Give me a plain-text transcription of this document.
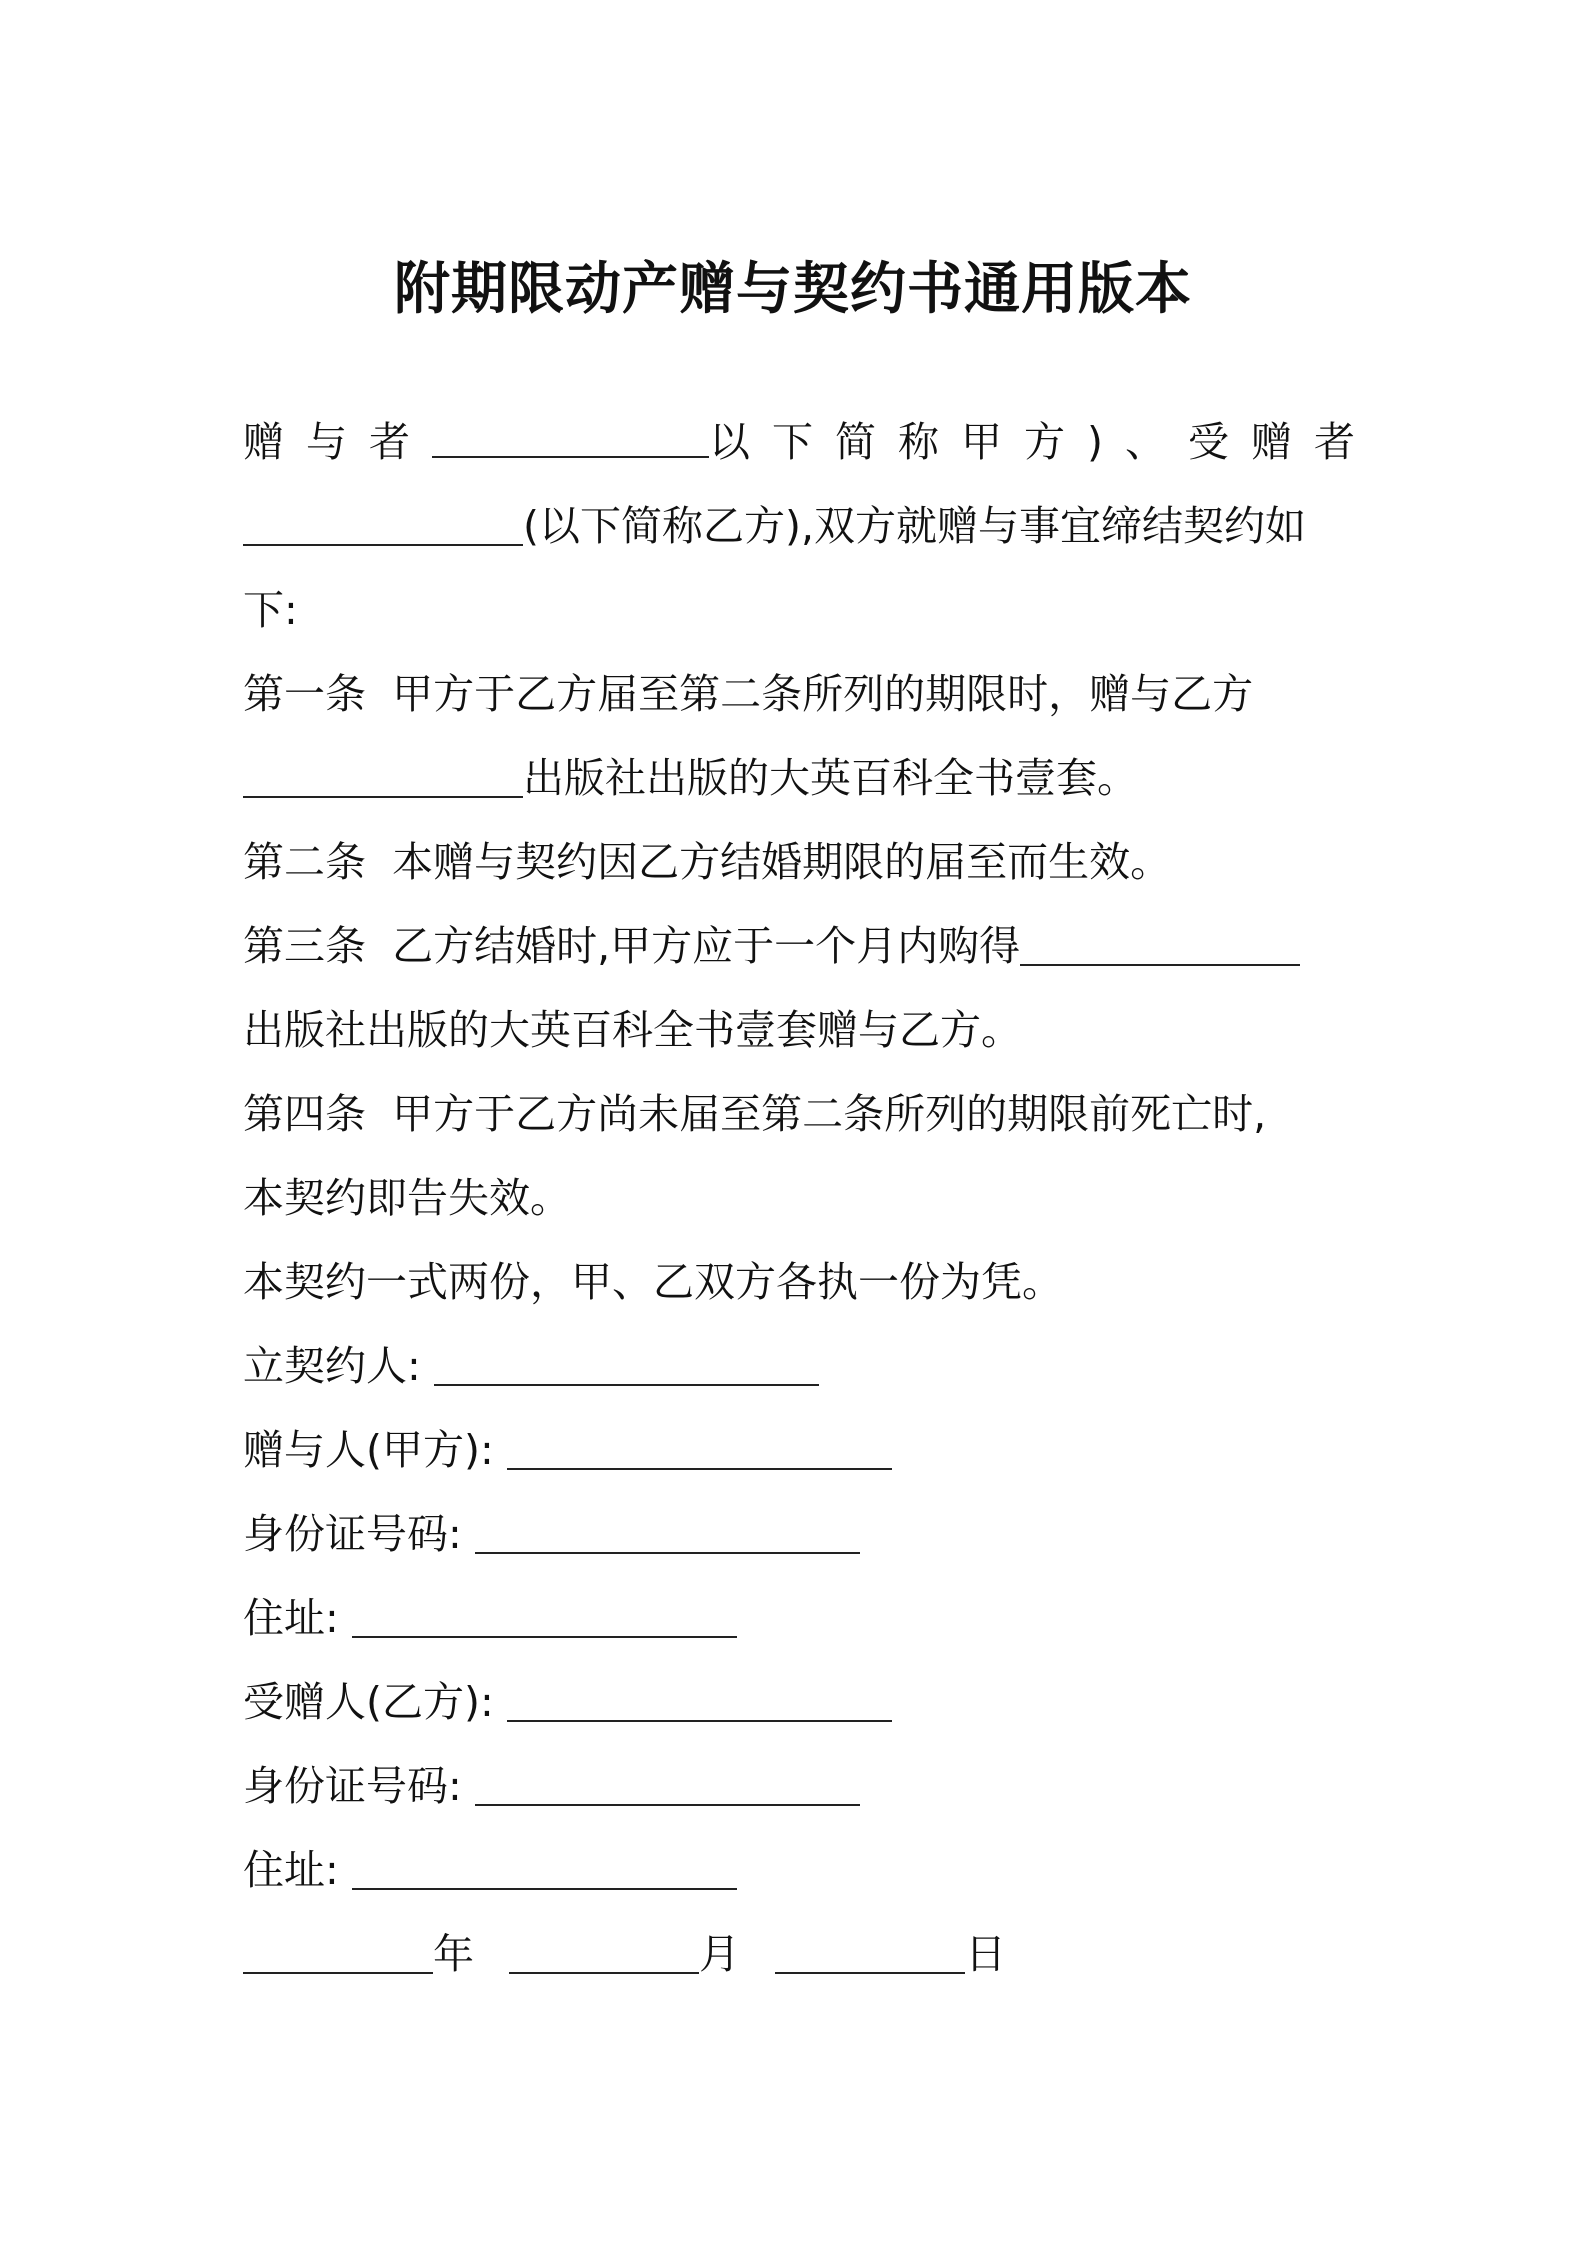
附期限动产赠与契约书通用版本
赠与者	以下简称甲方)、受赠者
(以下简称乙方),双方就赠与事宜缔结契约如
下:
第一条  甲方于乙方届至第二条所列的期限时，赠与乙方
出版社出版的大英百科全书壹套。
第二条  本赠与契约因乙方结婚期限的届至而生效。
第三条  乙方结婚时,甲方应于一个月内购得
出版社出版的大英百科全书壹套赠与乙方。
第四条  甲方于乙方尚未届至第二条所列的期限前死亡时,
本契约即告失效。
本契约一式两份，甲、乙双方各执一份为凭。
立契约人:
赠与人(甲方):
身份证号码:
住址:
受赠人(乙方):
身份证号码:
住址:
年	月	日
